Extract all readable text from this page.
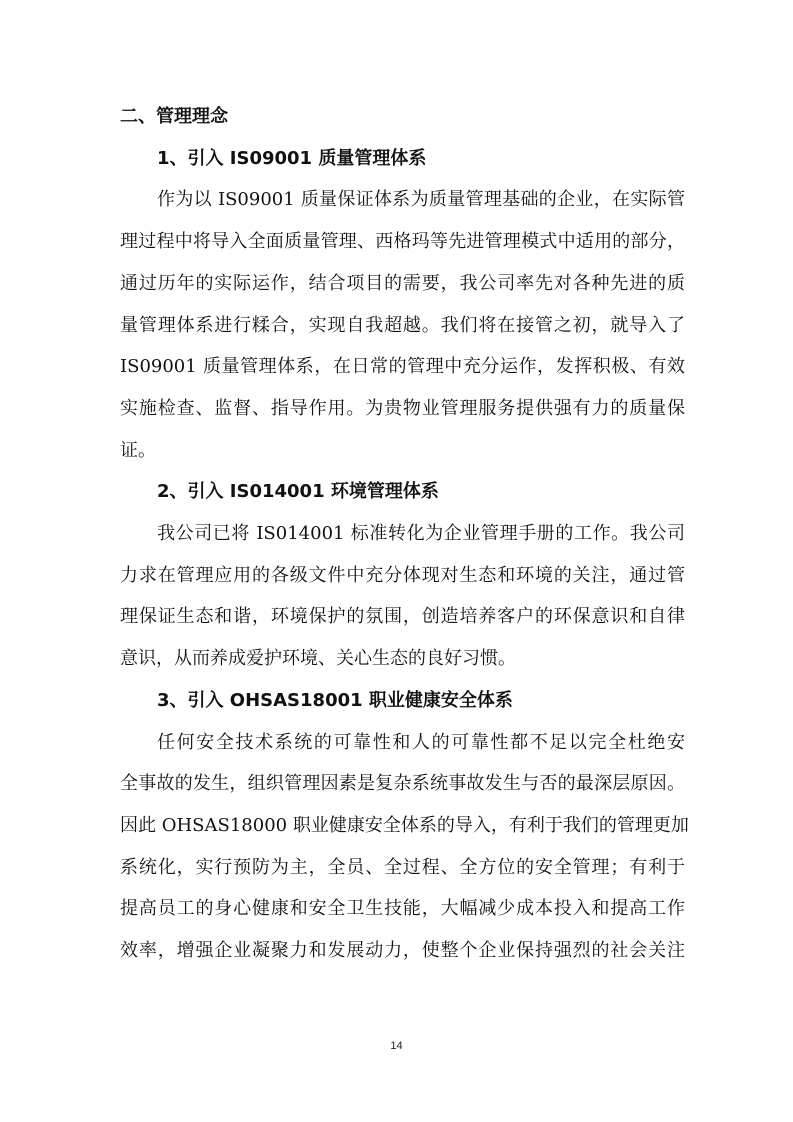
二、管理理念
1、引入 IS09001 质量管理体系
作为以 IS09001 质量保证体系为质量管理基础的企业，在实际管
理过程中将导入全面质量管理、西格玛等先进管理模式中适用的部分，
通过历年的实际运作，结合项目的需要，我公司率先对各种先进的质
量管理体系进行糅合，实现自我超越。我们将在接管之初，就导入了
IS09001 质量管理体系，在日常的管理中充分运作，发挥积极、有效
实施检查、监督、指导作用。为贵物业管理服务提供强有力的质量保
证。
2、引入 IS014001 环境管理体系
我公司已将 IS014001 标准转化为企业管理手册的工作。我公司
力求在管理应用的各级文件中充分体现对生态和环境的关注，通过管
理保证生态和谐，环境保护的氛围，创造培养客户的环保意识和自律
意识，从而养成爱护环境、关心生态的良好习惯。
3、引入 OHSAS18001 职业健康安全体系
任何安全技术系统的可靠性和人的可靠性都不足以完全杜绝安
全事故的发生，组织管理因素是复杂系统事故发生与否的最深层原因。
因此 OHSAS18000 职业健康安全体系的导入，有利于我们的管理更加
系统化，实行预防为主，全员、全过程、全方位的安全管理；有利于
提高员工的身心健康和安全卫生技能，大幅减少成本投入和提高工作
效率，增强企业凝聚力和发展动力，使整个企业保持强烈的社会关注
14
